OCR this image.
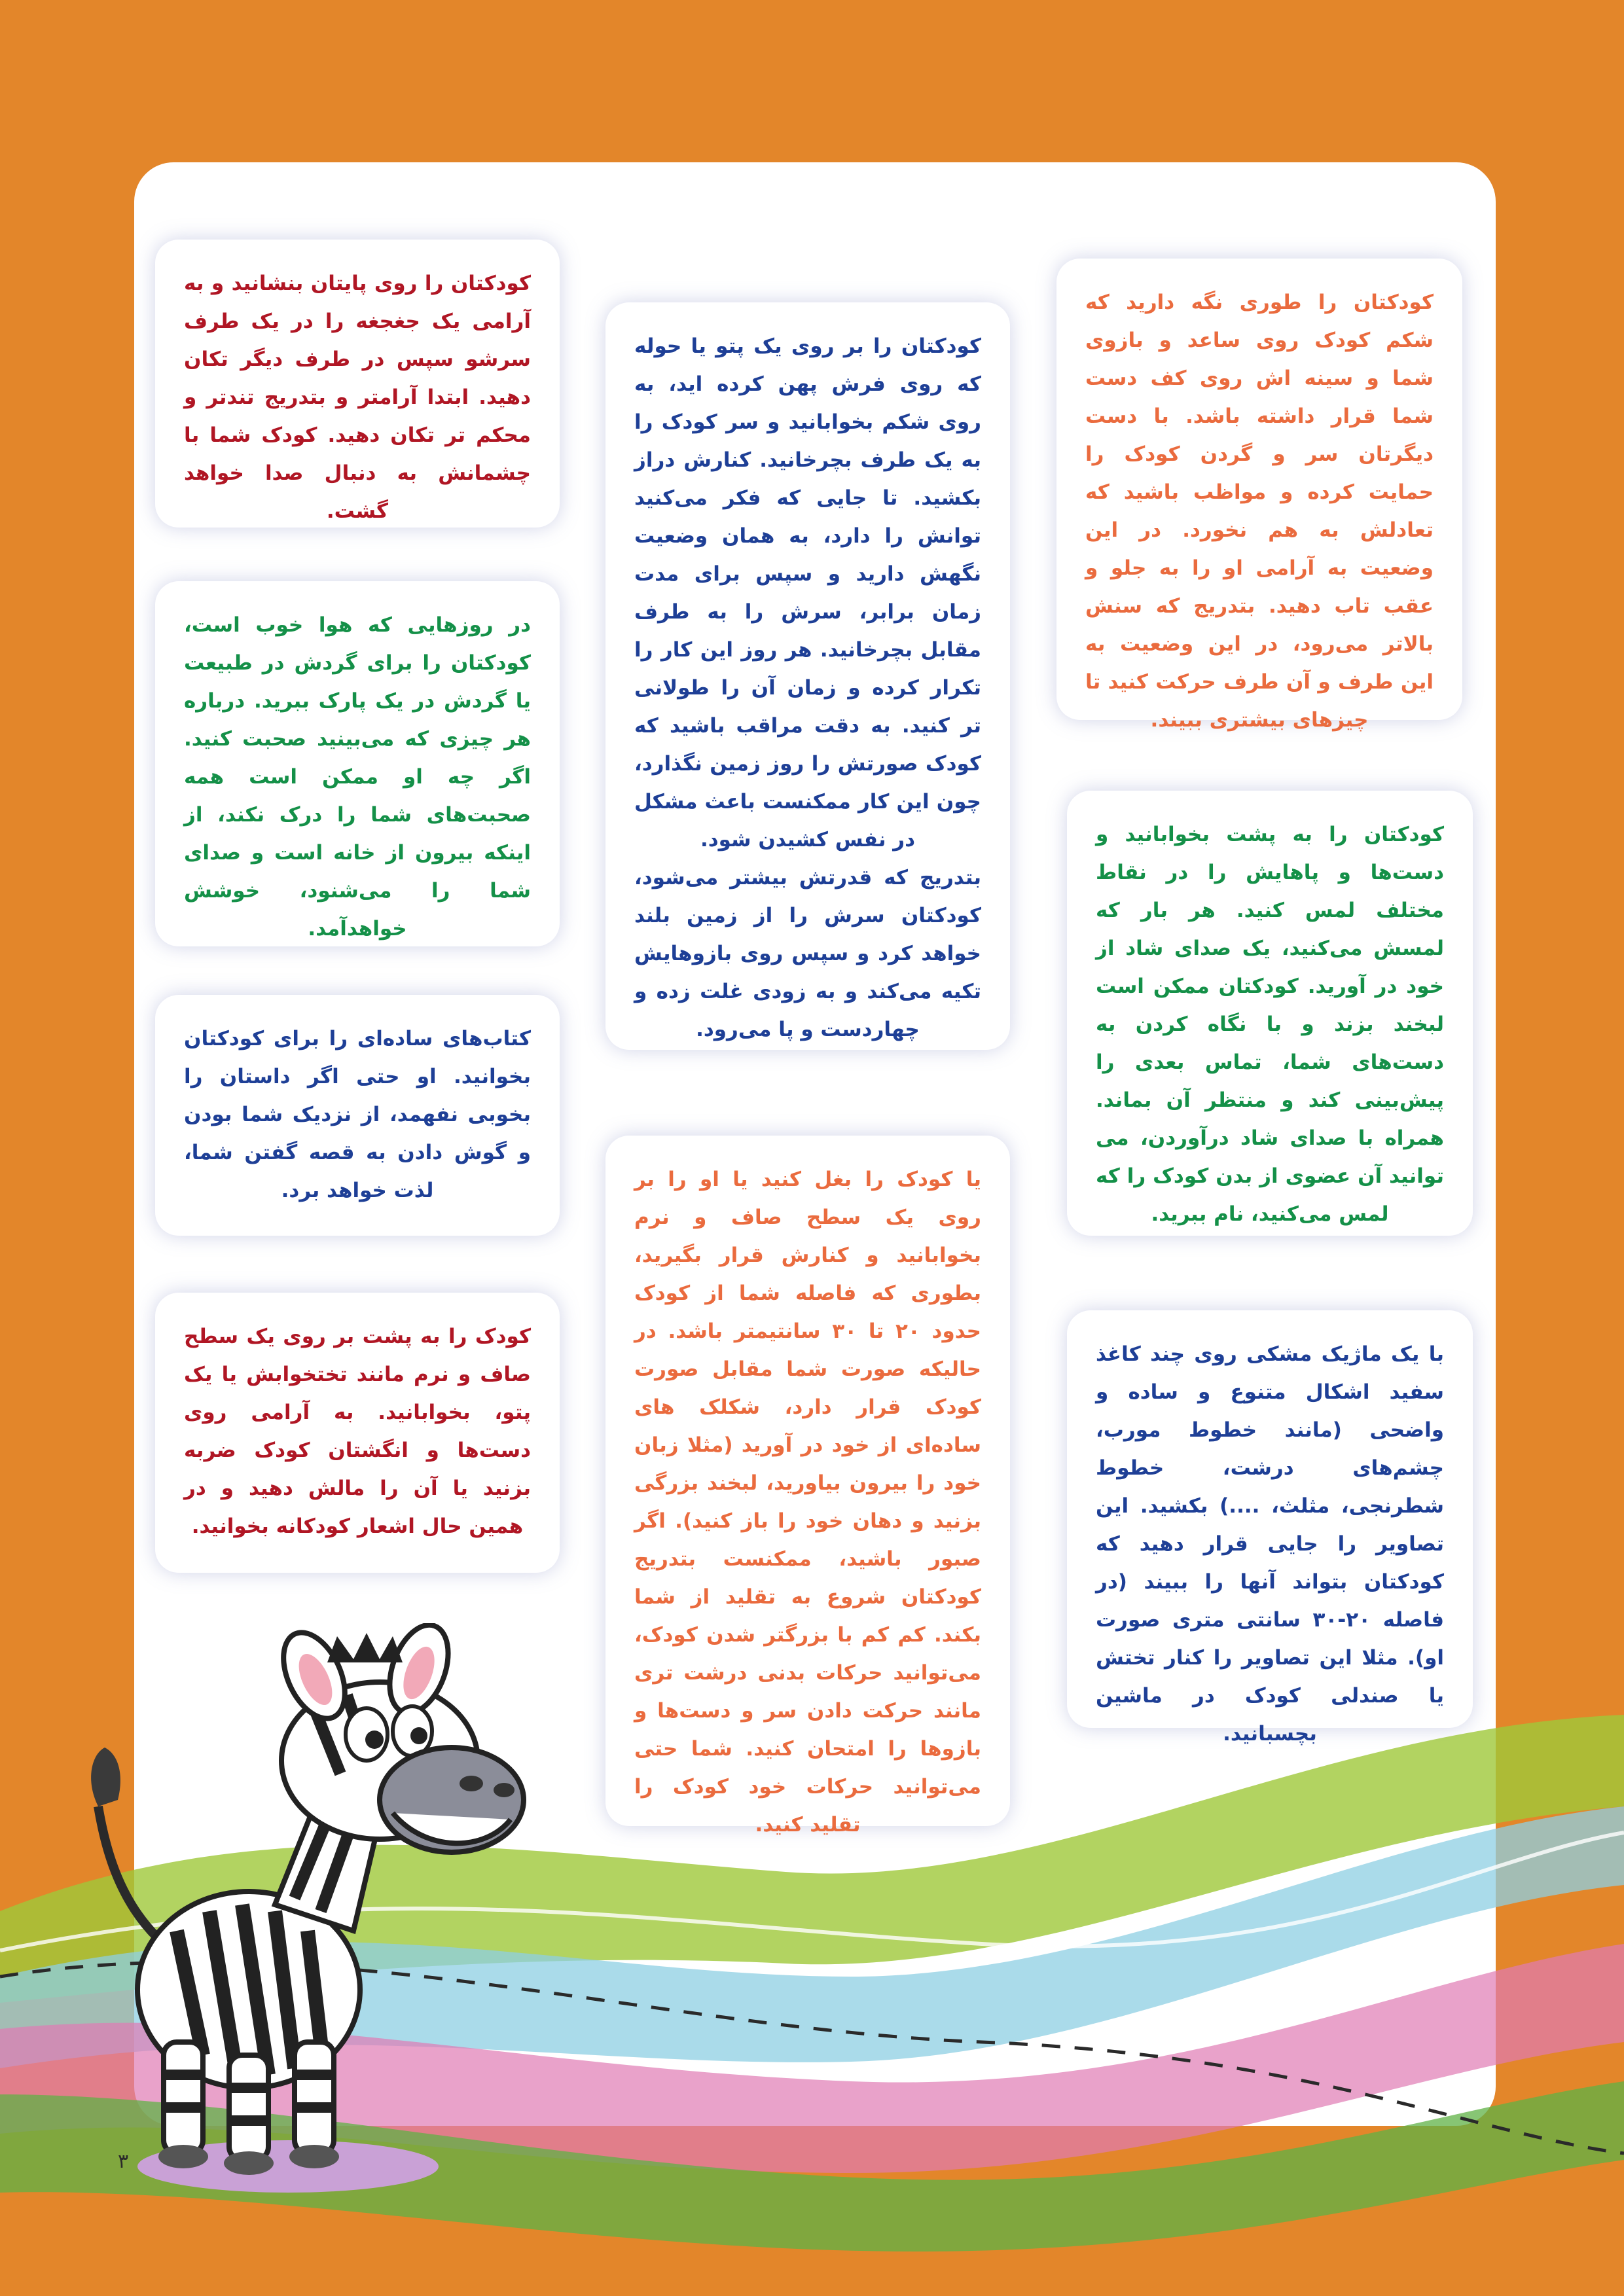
کودکتان را طوری نگه دارید که شکم کودک روی ساعد و بازوی شما و سینه اش روی کف دست شما قرار داشته باشد. با دست دیگرتان سر و گردن کودک را حمایت کرده و مواظب باشید که تعادلش به هم نخورد. در این وضعیت به آرامی او را به جلو و عقب تاب دهید. بتدریج که سنش بالاتر می‌رود، در این وضعیت به این طرف و آن طرف حرکت کنید تا چیزهای بیشتری ببیند.

کودکتان را به پشت بخوابانید و دست‌ها و پاهایش را در نقاط مختلف لمس کنید. هر بار که لمسش می‌کنید، یک صدای شاد از خود در آورید. کودکتان ممکن است لبخند بزند و با نگاه کردن به دست‌های شما، تماس بعدی را پیش‌بینی کند و منتظر آن بماند. همراه با صدای شاد درآوردن، می توانید آن عضوی از بدن کودک را که لمس می‌کنید، نام ببرید.

با یک ماژیک مشکی روی چند کاغذ سفید اشکال متنوع و ساده و واضحی (مانند خطوط مورب، چشم‌های درشت، خطوط شطرنجی، مثلث، ....) بکشید. این تصاویر را جایی قرار دهید که کودکتان بتواند آنها را ببیند (در فاصله ۲۰-۳۰ سانتی متری صورت او). مثلا این تصاویر را کنار تختش یا صندلی کودک در ماشین بچسبانید.

کودکتان را بر روی یک پتو یا حوله که روی فرش پهن کرده اید، به روی شکم بخوابانید و سر کودک را به یک طرف بچرخانید. کنارش دراز بکشید. تا جایی که فکر می‌کنید توانش را دارد، به همان وضعیت نگهش دارید و سپس برای مدت زمان برابر، سرش را به طرف مقابل بچرخانید. هر روز این کار را تکرار کرده و زمان آن را طولانی تر کنید. به دقت مراقب باشید که کودک صورتش را روز زمین نگذارد، چون این کار ممکنست باعث مشکل در نفس کشیدن شود.

بتدریج که قدرتش بیشتر می‌شود، کودکتان سرش را از زمین بلند خواهد کرد و سپس روی بازوهایش تکیه می‌کند و به زودی غلت زده و چهاردست و پا می‌رود.

یا کودک را بغل کنید یا او را بر روی یک سطح صاف و نرم بخوابانید و کنارش قرار بگیرید، بطوری که فاصله شما از کودک حدود ۲۰ تا ۳۰ سانتیمتر باشد. در حالیکه صورت شما مقابل صورت کودک قرار دارد، شکلک های ساده‌ای از خود در آورید (مثلا زبان خود را بیرون بیاورید، لبخند بزرگی بزنید و دهان خود را باز کنید). اگر صبور باشید، ممکنست بتدریج کودکتان شروع به تقلید از شما بکند. کم کم با بزرگتر شدن کودک، می‌توانید حرکات بدنی درشت تری مانند حرکت دادن سر و دست‌ها و بازوها را امتحان کنید. شما حتی می‌توانید حرکات خود کودک را تقلید کنید.

کودکتان را روی پایتان بنشانید و به آرامی یک جغجغه را در یک طرف سرشو سپس در طرف دیگر تکان دهید. ابتدا آرامتر و بتدریج تندتر و محکم تر تکان دهید. کودک شما با چشمانش به دنبال صدا خواهد گشت.

در روزهایی که هوا خوب است، کودکتان را برای گردش در طبیعت یا گردش در یک پارک ببرید. درباره هر چیزی که می‌بینید صحبت کنید. اگر چه او ممکن است همه صحبت‌های شما را درک نکند، از اینکه بیرون از خانه است و صدای شما را می‌شنود، خوشش خواهدآمد.

کتاب‌های ساده‌ای را برای کودکتان بخوانید. او حتی اگر داستان را بخوبی نفهمد، از نزدیک شما بودن و گوش دادن به قصه گفتن شما، لذت خواهد برد.

کودک را به پشت بر روی یک سطح صاف و نرم مانند تختخوابش یا یک پتو، بخوابانید. به آرامی روی دست‌ها و انگشتان کودک ضربه بزنید یا آن را مالش دهید و در همین حال اشعار کودکانه بخوانید.

۳
